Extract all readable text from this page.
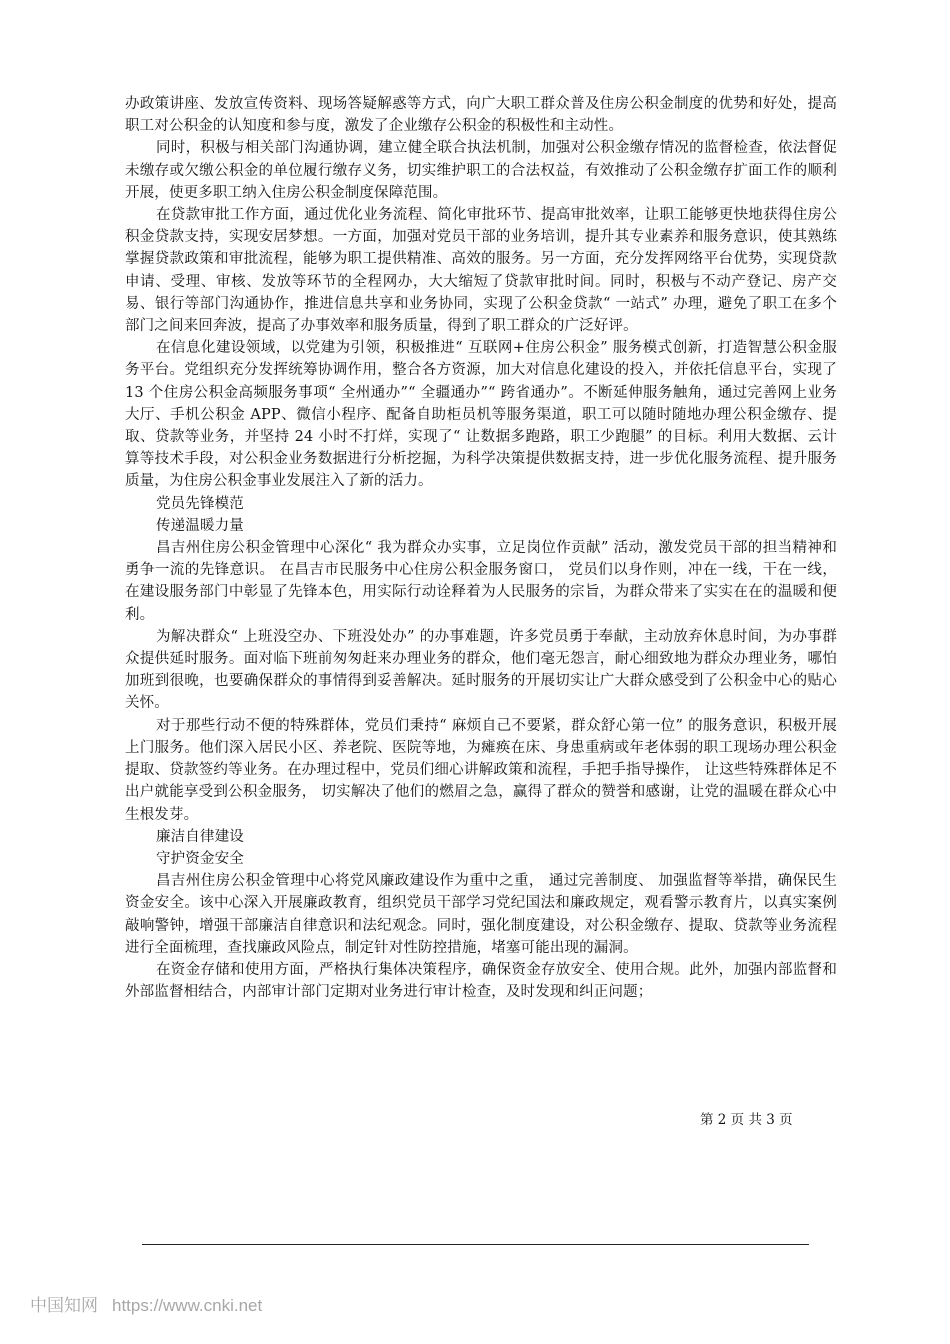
办政策讲座、发放宣传资料、现场答疑解惑等方式，向广大职工群众普及住房公积金制度的优势和好处，提高职工对公积金的认知度和参与度，激发了企业缴存公积金的积极性和主动性。

同时，积极与相关部门沟通协调，建立健全联合执法机制，加强对公积金缴存情况的监督检查，依法督促未缴存或欠缴公积金的单位履行缴存义务，切实维护职工的合法权益，有效推动了公积金缴存扩面工作的顺利开展，使更多职工纳入住房公积金制度保障范围。

在贷款审批工作方面，通过优化业务流程、简化审批环节、提高审批效率，让职工能够更快地获得住房公积金贷款支持，实现安居梦想。一方面，加强对党员干部的业务培训，提升其专业素养和服务意识，使其熟练掌握贷款政策和审批流程，能够为职工提供精准、高效的服务。另一方面，充分发挥网络平台优势，实现贷款申请、受理、审核、发放等环节的全程网办，大大缩短了贷款审批时间。同时，积极与不动产登记、房产交易、银行等部门沟通协作，推进信息共享和业务协同，实现了公积金贷款“ 一站式” 办理，避免了职工在多个部门之间来回奔波，提高了办事效率和服务质量，得到了职工群众的广泛好评。

在信息化建设领域，以党建为引领，积极推进“ 互联网+住房公积金” 服务模式创新，打造智慧公积金服务平台。党组织充分发挥统筹协调作用，整合各方资源，加大对信息化建设的投入，并依托信息平台，实现了 13 个住房公积金高频服务事项“ 全州通办”“ 全疆通办”“ 跨省通办”。不断延伸服务触角，通过完善网上业务大厅、手机公积金 APP、微信小程序、配备自助柜员机等服务渠道，职工可以随时随地办理公积金缴存、提取、贷款等业务，并坚持 24 小时不打烊，实现了“ 让数据多跑路，职工少跑腿” 的目标。利用大数据、云计算等技术手段，对公积金业务数据进行分析挖掘，为科学决策提供数据支持，进一步优化服务流程、提升服务质量，为住房公积金事业发展注入了新的活力。

党员先锋模范

传递温暖力量

昌吉州住房公积金管理中心深化“ 我为群众办实事，立足岗位作贡献” 活动，激发党员干部的担当精神和勇争一流的先锋意识。 在昌吉市民服务中心住房公积金服务窗口， 党员们以身作则，冲在一线，干在一线，在建设服务部门中彰显了先锋本色，用实际行动诠释着为人民服务的宗旨，为群众带来了实实在在的温暖和便利。

为解决群众“ 上班没空办、下班没处办” 的办事难题，许多党员勇于奉献，主动放弃休息时间，为办事群众提供延时服务。面对临下班前匆匆赶来办理业务的群众，他们毫无怨言，耐心细致地为群众办理业务，哪怕加班到很晚，也要确保群众的事情得到妥善解决。延时服务的开展切实让广大群众感受到了公积金中心的贴心关怀。

对于那些行动不便的特殊群体，党员们秉持“ 麻烦自己不要紧，群众舒心第一位” 的服务意识，积极开展上门服务。他们深入居民小区、养老院、医院等地，为瘫痪在床、身患重病或年老体弱的职工现场办理公积金提取、贷款签约等业务。在办理过程中，党员们细心讲解政策和流程，手把手指导操作， 让这些特殊群体足不出户就能享受到公积金服务， 切实解决了他们的燃眉之急，赢得了群众的赞誉和感谢，让党的温暖在群众心中生根发芽。

廉洁自律建设

守护资金安全

昌吉州住房公积金管理中心将党风廉政建设作为重中之重， 通过完善制度、 加强监督等举措，确保民生资金安全。该中心深入开展廉政教育，组织党员干部学习党纪国法和廉政规定，观看警示教育片，以真实案例敲响警钟，增强干部廉洁自律意识和法纪观念。同时，强化制度建设，对公积金缴存、提取、贷款等业务流程进行全面梳理，查找廉政风险点，制定针对性防控措施，堵塞可能出现的漏洞。

在资金存储和使用方面，严格执行集体决策程序，确保资金存放安全、使用合规。此外，加强内部监督和外部监督相结合，内部审计部门定期对业务进行审计检查，及时发现和纠正问题；

第 2 页 共 3 页
中国知网 https://www.cnki.net
